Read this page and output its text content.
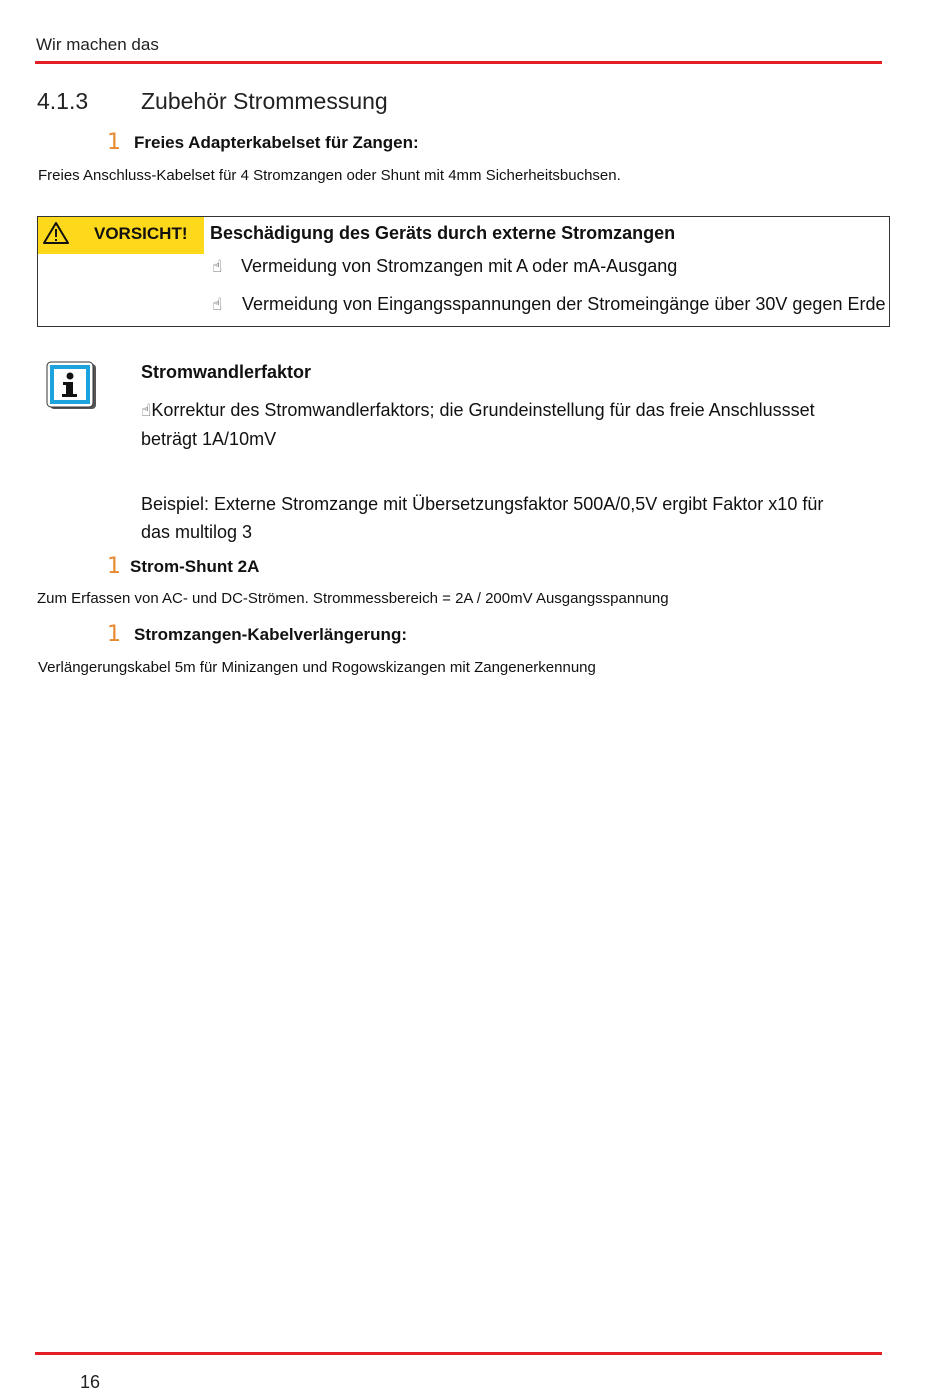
Wir machen das
4.1.3 Zubehör Strommessung
1 Freies Adapterkabelset für Zangen:
Freies Anschluss-Kabelset für 4 Stromzangen oder Shunt mit 4mm Sicherheitsbuchsen.
VORSICHT! Beschädigung des Geräts durch externe Stromzangen
☝ Vermeidung von Stromzangen mit A oder mA-Ausgang
☝ Vermeidung von Eingangsspannungen der Stromeingänge über 30V gegen Erde
Stromwandlerfaktor
☝Korrektur des Stromwandlerfaktors; die Grundeinstellung für das freie Anschlussset beträgt 1A/10mV
Beispiel: Externe Stromzange mit Übersetzungsfaktor 500A/0,5V ergibt Faktor x10 für das multilog 3
1 Strom-Shunt 2A
Zum Erfassen von AC- und DC-Strömen. Strommessbereich = 2A / 200mV Ausgangsspannung
1 Stromzangen-Kabelverlängerung:
Verlängerungskabel 5m für Minizangen und Rogowskizangen mit Zangenerkennung
16
